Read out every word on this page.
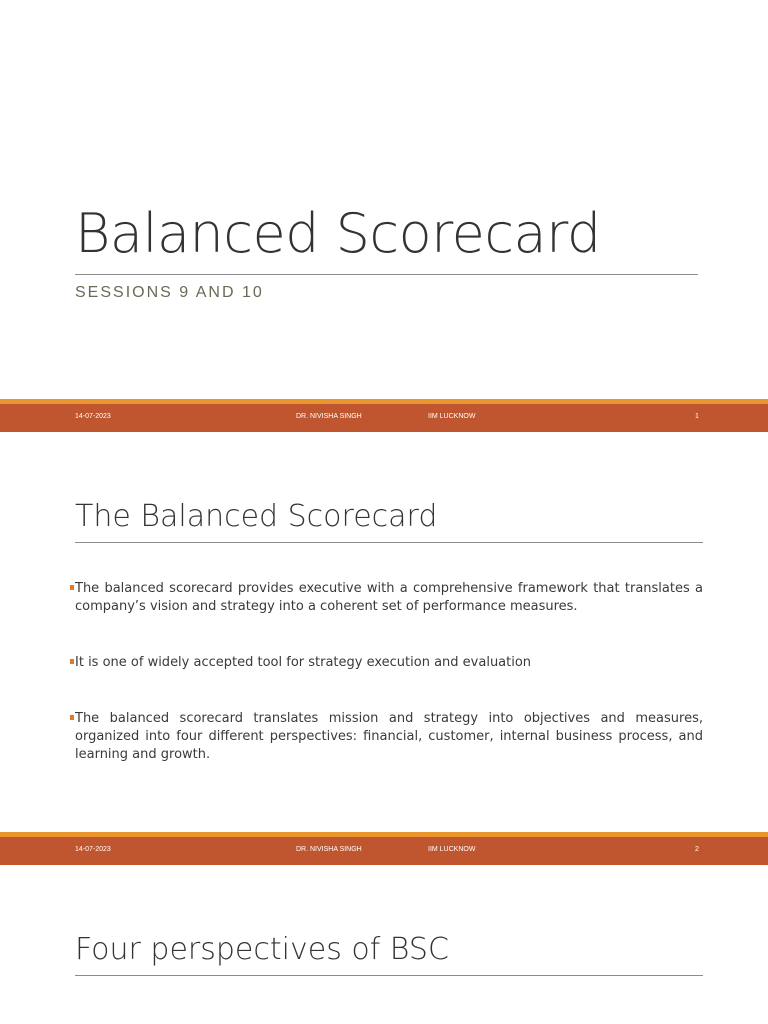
Balanced Scorecard
SESSIONS 9 AND 10
14-07-2023	DR. NIVISHA SINGH	IIM LUCKNOW	1
The Balanced Scorecard
The balanced scorecard provides executive with a comprehensive framework that translates a company’s vision and strategy into a coherent set of performance measures.
It is one of widely accepted tool for strategy execution and evaluation
The balanced scorecard translates mission and strategy into objectives and measures, organized into four different perspectives: financial, customer, internal business process, and learning and growth.
14-07-2023	DR. NIVISHA SINGH	IIM LUCKNOW	2
Four perspectives of BSC
